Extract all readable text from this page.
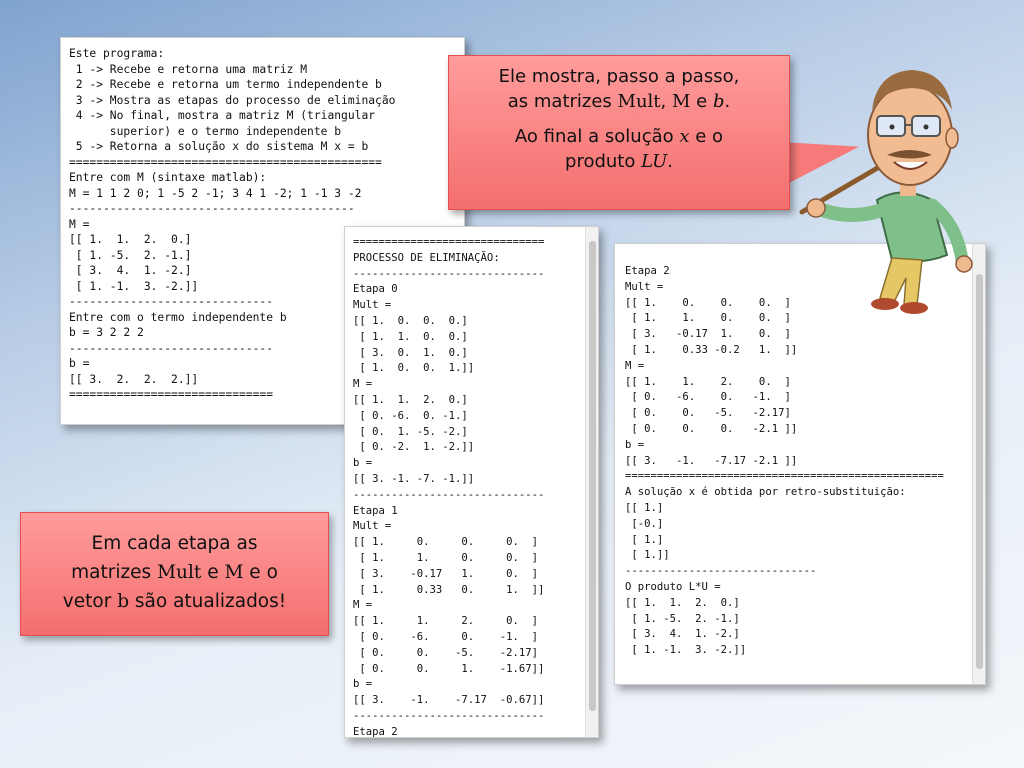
Este programa:
1 -> Recebe e retorna uma matriz M
2 -> Recebe e retorna um termo independente b
3 -> Mostra as etapas do processo de eliminação
4 -> No final, mostra a matriz M (triangular
superior) e o termo independente b
5 -> Retorna a solução x do sistema M x = b
==============================================
Entre com M (sintaxe matlab):
M = 1 1 2 0; 1 -5 2 -1; 3 4 1 -2; 1 -1 3 -2
------------------------------------------
M =
[[ 1.  1.  2.  0.]
[ 1. -5.  2. -1.]
[ 3.  4.  1. -2.]
[ 1. -1.  3. -2.]]
------------------------------
Entre com o termo independente b
b = 3 2 2 2
------------------------------
b =
[[ 3.  2.  2.  2.]]
==============================
==============================
PROCESSO DE ELIMINAÇÃO:
------------------------------
Etapa 0
Mult =
[[ 1.  0.  0.  0.]
[ 1.  1.  0.  0.]
[ 3.  0.  1.  0.]
[ 1.  0.  0.  1.]]
M =
[[ 1.  1.  2.  0.]
[ 0. -6.  0. -1.]
[ 0.  1. -5. -2.]
[ 0. -2.  1. -2.]]
b =
[[ 3. -1. -7. -1.]]
------------------------------
Etapa 1
Mult =
[[ 1.     0.     0.     0.  ]
[ 1.     1.     0.     0.  ]
[ 3.    -0.17   1.     0.  ]
[ 1.     0.33   0.     1.  ]]
M =
[[ 1.     1.     2.     0.  ]
[ 0.    -6.     0.    -1.  ]
[ 0.     0.    -5.    -2.17]
[ 0.     0.     1.    -1.67]]
b =
[[ 3.    -1.    -7.17  -0.67]]
------------------------------
Etapa 2
Etapa 2
Mult =
[[ 1.    0.    0.    0.  ]
[ 1.    1.    0.    0.  ]
[ 3.   -0.17  1.    0.  ]
[ 1.    0.33 -0.2   1.  ]]
M =
[[ 1.    1.    2.    0.  ]
[ 0.   -6.    0.   -1.  ]
[ 0.    0.   -5.   -2.17]
[ 0.    0.    0.   -2.1 ]]
b =
[[ 3.   -1.   -7.17 -2.1 ]]
==================================================
A solução x é obtida por retro-substituição:
[[ 1.]
[-0.]
[ 1.]
[ 1.]]
------------------------------
O produto L*U =
[[ 1.  1.  2.  0.]
[ 1. -5.  2. -1.]
[ 3.  4.  1. -2.]
[ 1. -1.  3. -2.]]
Ele mostra, passo a passo,
as matrizes Mult, M e b.
Ao final a solução x e o
produto LU.
Em cada etapa as
matrizes Mult e M e o
vetor b são atualizados!
